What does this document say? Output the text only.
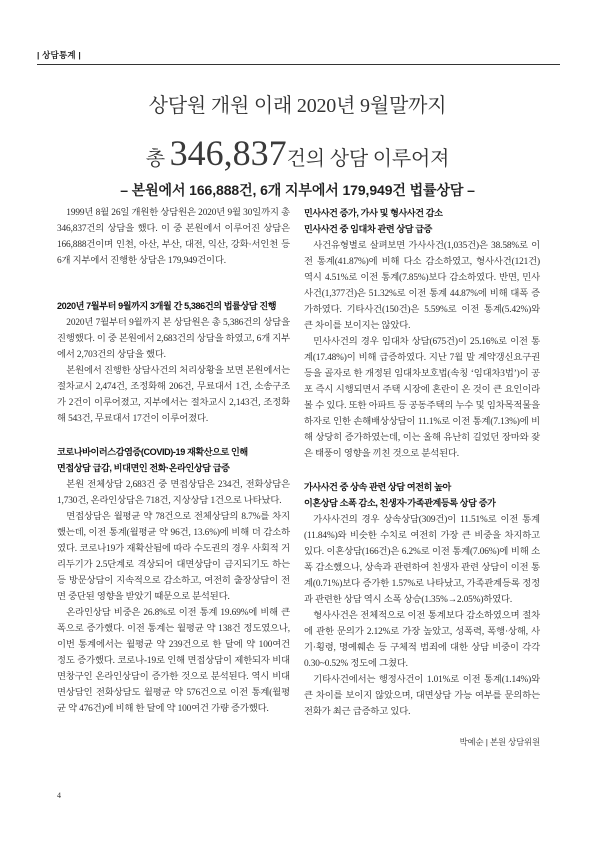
| 상담통계 |
상담원 개원 이래 2020년 9월말까지
총 346,837건의 상담 이루어져
– 본원에서 166,888건, 6개 지부에서 179,949건 법률상담 –

1999년 8월 26일 개원한 상담원은 2020년 9월 30일까지 총 346,837건의 상담을 했다. 이 중 본원에서 이루어진 상담은 166,888건이며 인천, 아산, 부산, 대전, 익산, 강화·서인천 등 6개 지부에서 진행한 상담은 179,949건이다.

2020년 7월부터 9월까지 3개월 간 5,386건의 법률상담 진행

2020년 7월부터 9월까지 본 상담원은 총 5,386건의 상담을 진행했다. 이 중 본원에서 2,683건의 상담을 하였고, 6개 지부에서 2,703건의 상담을 했다.

본원에서 진행한 상담사건의 처리상황을 보면 본원에서는 절차교시 2,474건, 조정화해 206건, 무료대서 1건, 소송구조가 2건이 이루어졌고, 지부에서는 절차교시 2,143건, 조정화해 543건, 무료대서 17건이 이루어졌다.

코로나바이러스감염증(COVID)-19 재확산으로 인해
면접상담 급감, 비대면인 전화·온라인상담 급증

본원 전체상담 2,683건 중 면접상담은 234건, 전화상담은 1,730건, 온라인상담은 718건, 지상상담 1건으로 나타났다.

면접상담은 월평균 약 78건으로 전체상담의 8.7%를 차지했는데, 이전 통계(월평균 약 96건, 13.6%)에 비해 더 감소하였다. 코로나19가 재확산됨에 따라 수도권의 경우 사회적 거리두기가 2.5단계로 격상되어 대면상담이 금지되기도 하는 등 방문상담이 지속적으로 감소하고, 여전히 출장상담이 전면 중단된 영향을 받았기 때문으로 분석된다.

온라인상담 비중은 26.8%로 이전 통계 19.69%에 비해 큰 폭으로 증가했다. 이전 통계는 월평균 약 138건 정도였으나, 이번 통계에서는 월평균 약 239건으로 한 달에 약 100여건 정도 증가했다. 코로나-19로 인해 면접상담이 제한되자 비대면창구인 온라인상담이 증가한 것으로 분석된다. 역시 비대면상담인 전화상담도 월평균 약 576건으로 이전 통계(월평균 약 476건)에 비해 한 달에 약 100여건 가량 증가했다.

민사사건 증가, 가사 및 형사사건 감소
민사사건 중 임대차 관련 상담 급증

사건유형별로 살펴보면 가사사건(1,035건)은 38.58%로 이전 통계(41.87%)에 비해 다소 감소하였고, 형사사건(121건) 역시 4.51%로 이전 통계(7.85%)보다 감소하였다. 반면, 민사사건(1,377건)은 51.32%로 이전 통계 44.87%에 비해 대폭 증가하였다. 기타사건(150건)은 5.59%로 이전 통계(5.42%)와 큰 차이를 보이지는 않았다.

민사사건의 경우 임대차 상담(675건)이 25.16%로 이전 통계(17.48%)이 비해 급증하였다. 지난 7월 말 계약갱신요구권 등을 골자로 한 개정된 임대차보호법(속칭 ‘임대차3법’)이 공포 즉시 시행되면서 주택 시장에 혼란이 온 것이 큰 요인이라 볼 수 있다. 또한 아파트 등 공동주택의 누수 및 임차목적물을 하자로 인한 손해배상상담이 11.1%로 이전 통계(7.13%)에 비해 상당히 증가하였는데, 이는 올해 유난히 길었던 장마와 잦은 태풍이 영향을 끼친 것으로 분석된다.

가사사건 중 상속 관련 상담 여전히 높아
이혼상담 소폭 감소, 친생자·가족관계등록 상담 증가

가사사건의 경우 상속상담(309건)이 11.51%로 이전 통계(11.84%)와 비슷한 수치로 여전히 가장 큰 비중을 차지하고 있다. 이혼상담(166건)은 6.2%로 이전 통계(7.06%)에 비해 소폭 감소했으나, 상속과 관련하여 친생자 관련 상담이 이전 통계(0.71%)보다 증가한 1.57%로 나타났고, 가족관계등록 정정과 관련한 상담 역시 소폭 상승(1.35%→2.05%)하였다.

형사사건은 전체적으로 이전 통계보다 감소하였으며 절차에 관한 문의가 2.12%로 가장 높았고, 성폭력, 폭행·상해, 사기·횡령, 명예훼손 등 구체적 범죄에 대한 상담 비중이 각각 0.30~0.52% 정도에 그쳤다.

기타사건에서는 행정사건이 1.01%로 이전 통계(1.14%)와 큰 차이를 보이지 않았으며, 대면상담 가능 여부를 문의하는 전화가 최근 급증하고 있다.

박예순 | 본원 상담위원
4
